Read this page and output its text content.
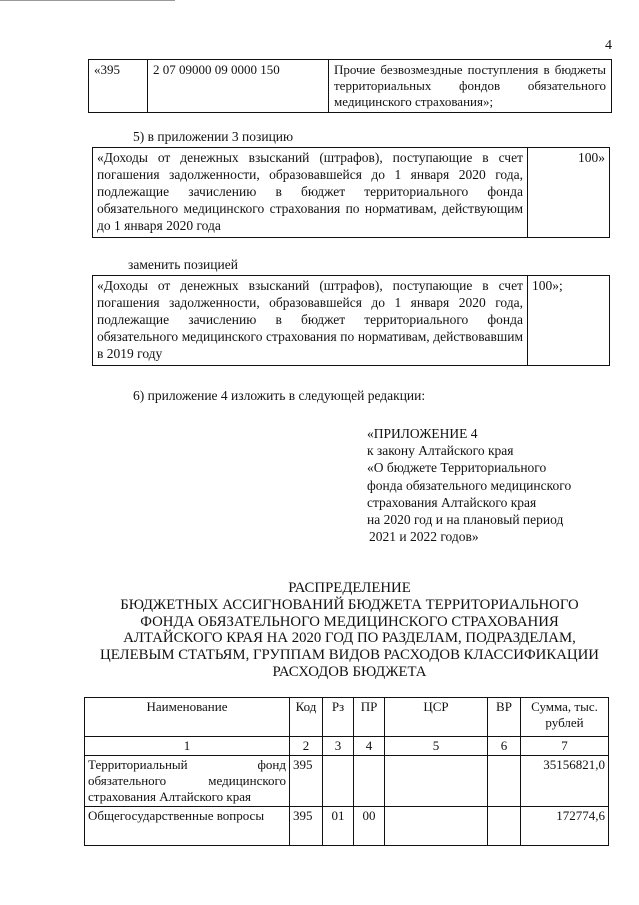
4
«395	2 07 09000 09 0000 150	Прочие безвозмездные поступления в бюджеты территориальных фондов обязательного медицинского страхования»;
5) в приложении 3 позицию
«Доходы от денежных взысканий (штрафов), поступающие в счет погашения задолженности, образовавшейся до 1 января 2020 года, подлежащие зачислению в бюджет территориального фонда обязательного медицинского страхования по нормативам, действующим до 1 января 2020 года	100»
заменить позицией
«Доходы от денежных взысканий (штрафов), поступающие в счет погашения задолженности, образовавшейся до 1 января 2020 года, подлежащие зачислению в бюджет территориального фонда обязательного медицинского страхования по нормативам, действовавшим в 2019 году	100»;
6) приложение 4 изложить в следующей редакции:
«ПРИЛОЖЕНИЕ 4
к закону Алтайского края
«О бюджете Территориального
фонда обязательного медицинского
страхования Алтайского края
на 2020 год и на плановый период
2021 и 2022 годов»
РАСПРЕДЕЛЕНИЕ
БЮДЖЕТНЫХ АССИГНОВАНИЙ БЮДЖЕТА ТЕРРИТОРИАЛЬНОГО
ФОНДА ОБЯЗАТЕЛЬНОГО МЕДИЦИНСКОГО СТРАХОВАНИЯ
АЛТАЙСКОГО КРАЯ НА 2020 ГОД ПО РАЗДЕЛАМ, ПОДРАЗДЕЛАМ,
ЦЕЛЕВЫМ СТАТЬЯМ, ГРУППАМ ВИДОВ РАСХОДОВ КЛАССИФИКАЦИИ
РАСХОДОВ БЮДЖЕТА
Наименование	Код	Рз	ПР	ЦСР	ВР	Сумма, тыс. рублей
1	2	3	4	5	6	7
Территориальный фонд обязательного медицинского страхования Алтайского края	395					35156821,0
Общегосударственные вопросы	395	01	00			172774,6
